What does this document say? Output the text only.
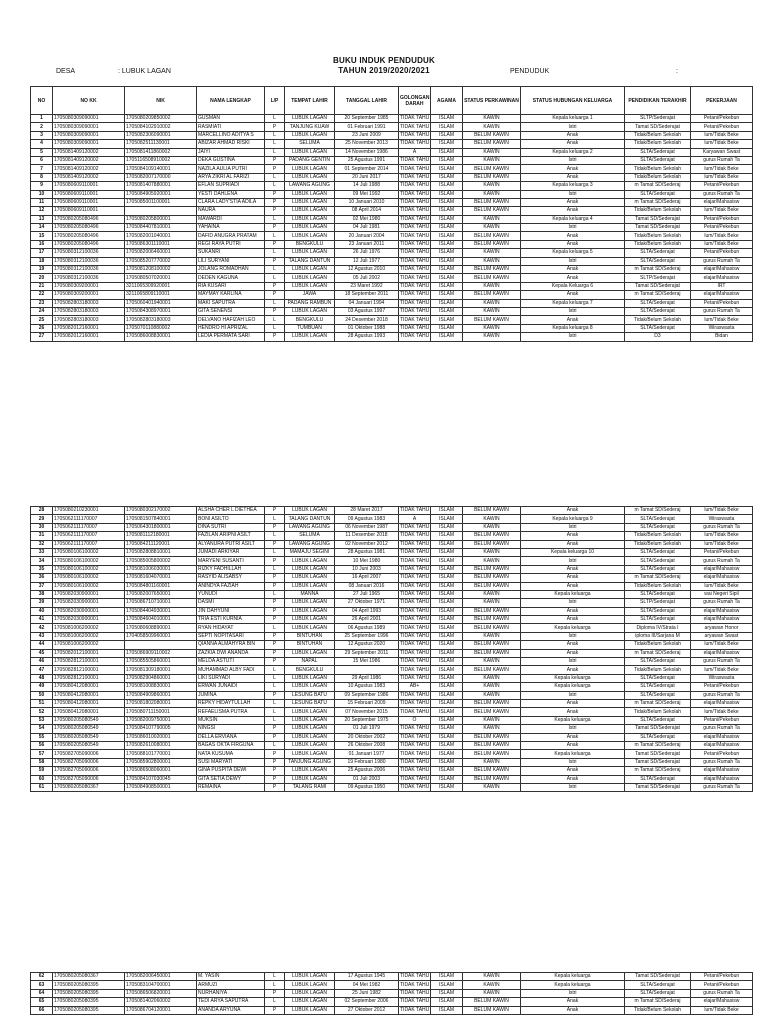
BUKU INDUK PENDUDUK
TAHUN 2019/2020/2021
DESA	: LUBUK LAGAN	PENDUDUK	:
NO	NO KK	NIK	NAMA LENGKAP	L/P	TEMPAT LAHIR	TANGGAL LAHIR	GOLONGAN DARAH	AGAMA	STATUS PERKAWINAN	STATUS HUBUNGAN KELUARGA	PENDIDIKAN TERAKHIR	PEKERJAAN
1	1705080309090001	1705080209850002	GUSMAN	L	LUBUK LAGAN	20 September 1985	TIDAK TAHU	ISLAM	KAWIN	Kepala keluarga 1	SLTP/Sederajat	Petani/Pekebun
2	1705080309090001	1705084102910002	RASMIATI	P	TANJUNG KUAW	01 Februari 1991	TIDAK TAHU	ISLAM	KAWIN	Istri	Tamat SD/Sederajat	Petani/Pekebun
3	1705080309090001	1705082306090001	MARCELLINO ADITYA S	L	LUBUK LAGAN	23 Juni 2009	TIDAK TAHU	ISLAM	BELUM KAWIN	Anak	Tidak/Belum Sekolah	lum/Tidak Beke
4	1705080309090001	1705082511130001	ABIZAR AHMAD RISKI	L	SELUMA	25 November 2013	TIDAK TAHU	ISLAM	BELUM KAWIN	Anak	Tidak/Belum Sekolah	lum/Tidak Beke
5	1705081409120002	1705081411860002	JAIYI	L	LUBUK LAGAN	14 November 1986	A	ISLAM	KAWIN	Kepala keluarga 2	SLTA/Sederajat	Karyawan Swast
6	1705081409120002	1705116508910002	DEKA GUSTINA	P	PADANG GENTIN	25 Agustus 1991	TIDAK TAHU	ISLAM	KAWIN	Istri	SLTA/Sederajat	gurus Rumah Ta
7	1705081409120002	1705084109140001	NAZILA AULIA PUTRI	P	LUBUK LAGAN	01 September 2014	TIDAK TAHU	ISLAM	BELUM KAWIN	Anak	Tidak/Belum Sekolah	lum/Tidak Beke
8	1705081409120002	1705082007170000	ARYA ZIKRI AL FARIZI	L	LUBUK LAGAN	20 Juni 2017	TIDAK TAHU	ISLAM	BELUM KAWIN	Anak	Tidak/Belum Sekolah	lum/Tidak Beke
9	1705080609110001	1705081407880001	EFLAN SUPRIADI	L	LAWANG AGUNG	14 Juli 1988	TIDAK TAHU	ISLAM	KAWIN	Kepala keluarga 3	m Tamat SD/Sederaj	Petani/Pekebun
10	1705080609110001	1705084905920001	YESTI DAHLENA	P	LUBUK LAGAN	09 Mei 1992	TIDAK TAHU	ISLAM	KAWIN	Istri	SLTA/Sederajat	gurus Rumah Ta
11	1705080609110001	1705085001100001	CLARA LADY'STIA ADILA	P	LUBUK LAGAN	10 Januari 2010	TIDAK TAHU	ISLAM	BELUM KAWIN	Anak	m Tamat SD/Sederaj	elajar/Mahasisw
12	1705080609110001		NAURA	P	LUBUK LAGAN	08 April 2014	TIDAK TAHU	ISLAM	BELUM KAWIN	Anak	Tidak/Belum Sekolah	lum/Tidak Beke
13	1705080205080496	1705080205800001	MAWARDI	L	LUBUK LAGAN	02 Mei 1980	TIDAK TAHU	ISLAM	KAWIN	Kepala keluarga 4	Tamat SD/Sederajat	Petani/Pekebun
14	1705080205080496	1705084407810001	YAHAINA	P	LUBUK LAGAN	04 Juli 1981	TIDAK TAHU	ISLAM	KAWIN	Istri	Tamat SD/Sederajat	Petani/Pekebun
15	1705080205080496	1705082001040001	DAFID ANUGRA PRATAM	L	LUBUK LAGAN	20 Januari 2004	TIDAK TAHU	ISLAM	BELUM KAWIN	Anak	Tidak/Belum Sekolah	lum/Tidak Beke
16	1705080205080496	1705086301110001	REGI RAYA PUTRI	P	BENGKULU	23 Januari 2011	TIDAK TAHU	ISLAM	BELUM KAWIN	Anak	Tidak/Belum Sekolah	lum/Tidak Beke
17	1705080312100036	1705082006460001	SUKANRI	L	LUBUK LAGAN	26 Juli 1976	TIDAK TAHU	ISLAM	KAWIN	Kepala keluarga 5	SLTA/Sederajat	Petani/Pekebun
18	1705080312100036	1705085207770002	LILI SURYANI	P	TALANG DANTUN	12 Juli 1977	TIDAK TAHU	ISLAM	KAWIN	Istri	SLTA/Sederajat	gurus Rumah Ta
19	1705080312100036	1705081208100002	JOLANG ROMADHAN	L	LUBUK LAGAN	12 Agustus 2010	TIDAK TAHU	ISLAM	BELUM KAWIN	Anak	m Tamat SD/Sederaj	elajar/Mahasisw
20	1705080312100036	1705080507020001	DEDEN KAGUNA	L	LUBUK LAGAN	05 Juli 2002	TIDAK TAHU	ISLAM	BELUM KAWIN	Anak	SLTP/Sederajat	elajar/Mahasisw
21	1705080309200001	3211065309920001	RIA KUSARI	P	LUBUK LAGAN	23 Maret 1992	TIDAK TAHU	ISLAM	KAWIN	Kepala Keluarga 6	Tamat SD/Sederajat	IRT
22	1705080309200001	3211065809110001	MAYMAY KARLINA	P	JAWA	18 September 2011	TIDAK TAHU	ISLAM	BELUM KAWIN	Anak	m Tamat SD/Sederaj	elajar/Mahasisw
23	1705082803180003	1705060401940001	MAKI SAPUTRA	L	PADANG RAMBUN	04 Januari 1994	TIDAK TAHU	ISLAM	KAWIN	Kepala keluarga 7	SLTA/Sederajat	Petani/Pekebun
24	1705082803180003	1705084308970001	GITA SENENSI	P	LUBUK LAGAN	03 Agustus 1997	TIDAK TAHU	ISLAM	KAWIN	Istri	SLTA/Sederajat	gurus Rumah Ta
25	1705082803180003	1705082803180003	DELVANO HAFIZAH LEO	L	BENGKULU	24 Desember 2018	TIDAK TAHU	ISLAM	BELUM KAWIN	Anak	Tidak/Belum Sekolah	lum/Tidak Beke
26	1705082012160001	1705070110880002	HENDRO HI APRIZAL	L	TUMBUAN	01 Oktober 1988	TIDAK TAHU	ISLAM	KAWIN	Kepala keluarga 8	SLTA/Sederajat	Wiraswasta
27	1705082012160001	1705086008830001	LEDIA PERMATA SARI	P	LUBUK LAGAN	28 Agustus 1993	TIDAK TAHU	ISLAM	KAWIN	Istri	D3	Bidan
28	1705080210230001	1705080302170002	ALSHA CHER L DIETHEA	P	LUBUK LAGAN	28 Maret 2017	TIDAK TAHU	ISLAM	BELUM KAWIN	Anak	m Tamat SD/Sederaj	lum/Tidak Beke
29	1705062111170007	1705081507840001	BONI ASILTO	L	TALANG DANTUN	09 Agustus 1983	A	ISLAM	KAWIN	Kepala keluarga 9	SLTA/Sederajat	Wiraswasta
30	1705062111170007	1705064301800001	DINA SUTRI	P	LAWANG AGUNG	06 November 1987	TIDAK TAHU	ISLAM	KAWIN	Istri	SLTA/Sederajat	gurus Rumah Ta
31	1705062111170007	1705081112180001	FAZILAN ARIPNI ASILT	L	SELUMA	11 Desember 2018	TIDAK TAHU	ISLAM	BELUM KAWIN	Anak	Tidak/Belum Sekolah	lum/Tidak Beke
32	1705062111170007	1705084211120001	ALYANURA PUTRI ASILT	P	LAWANG AGUNG	02 November 2012	TIDAK TAHU	ISLAM	BELUM KAWIN	Anak	Tidak/Belum Sekolah	lum/Tidak Beke
33	1705080106100002	1705082808810001	JUMADI ARKIYAR	L	MAMAJU SEGINI	28 Agustus 1981	TIDAK TAHU	ISLAM	KAWIN	Kepala keluarga 10	SLTA/Sederajat	Petani/Pekebun
34	1705080106100002	1705085005800002	MARYENI SUSANTI	P	LUBUK LAGAN	10 Mei 1980	TIDAK TAHU	ISLAM	KAWIN	Istri	SLTA/Sederajat	gurus Rumah Ta
35	1705080106100002	1705081006030001	RIZKY FADHILLAH	L	LUBUK LAGAN	10 Juni 2003	TIDAK TAHU	ISLAM	BELUM KAWIN	Anak	SLTA/Sederajat	elajar/Mahasisw
36	1705080106100002	1705081604070001	RASYID ALISABSY	P	LUBUK LAGAN	16 April 2007	TIDAK TAHU	ISLAM	BELUM KAWIN	Anak	m Tamat SD/Sederaj	elajar/Mahasisw
37	1705080106100002	1705084801160001	ANINDYA FAZIAH	P	LUBUK LAGAN	08 Januari 2016	TIDAK TAHU	ISLAM	BELUM KAWIN	Anak	Tidak/Belum Sekolah	lum/Tidak Beke
38	1705082030900001	1705082007650001	YUNUDI	L	MANNA	27 Juli 1965	TIDAK TAHU	ISLAM	KAWIN	Kepala keluarga	SLTA/Sederajat	wai Negeri Sipil
39	1705082030900001	1705086710710001	DASMI	P	LUBUK LAGAN	27 Oktober 1971	TIDAK TAHU	ISLAM	KAWIN	Istri	SLTP/Sederajat	gurus Rumah Ta
40	1705082030900001	1705084404930001	JIN DAHYUNI	P	LUBUK LAGAN	04 April 1993	TIDAK TAHU	ISLAM	BELUM KAWIN	Anak	SLTA/Sederajat	elajar/Mahasisw
41	1705082030900001	1705084604010001	TRIA ESTI KURNIA	P	LUBUK LAGAN	26 April 2001	TIDAK TAHU	ISLAM	BELUM KAWIN	Anak	SLTA/Sederajat	elajar/Mahasisw
42	1705081006200002	1705080608890001	RYAN HIDAYAT	L	LUBUK LAGAN	06 Agustus 1989	TIDAK TAHU	ISLAM	BELUM KAWIN	Kepala keluarga	Diploma IV/Strata I	aryawan Honor
43	1705081006200002	1704058509960001	SEPTI NOPITASARI	P	BINTUHAN	25 September 1996	TIDAK TAHU	ISLAM	KAWIN	Istri	iploma III/Sarjana M	aryawan Swast
44	1705081006200002		QIANNA ALMAHYRA BIN	P	BINTUHAN	12 Agustus 2020	TIDAK TAHU	ISLAM	BELUM KAWIN	Anak	Tidak/Belum Sekolah	lum/Tidak Beke
45	1705082012100001	1705086909110002	ZAZKIA DWI ANANDA	P	LUBUK LAGAN	29 September 2011	TIDAK TAHU	ISLAM	BELUM KAWIN	Anak	m Tamat SD/Sederaj	elajar/Mahasisw
46	1705082812100001	1705085505860001	MELDA ASTUTI	P	NAPAL	15 Mei 1986	TIDAK TAHU	ISLAM	KAWIN	Istri	SLTA/Sederajat	gurus Rumah Ta
47	1705082812100001	1705081309180001	MUHAMMAD ALBY FADI	L	BENGKULU		TIDAK TAHU	ISLAM	BELUM KAWIN	Anak	Tidak/Belum Sekolah	lum/Tidak Beke
48	1705082812100001	1705082904860001	LIKI SURYADI	L	LUBUK LAGAN	29 April 1986	TIDAK TAHU	ISLAM	KAWIN	Kepala keluarga	SLTA/Sederajat	Wiraswasta
49	1705080412080001	1705081008830001	ERWAN JUNAIDI	L	LUBUK LAGAN	10 Agustus 1983	AB+	ISLAM	KAWIN	Kepala keluarga	SLTA/Sederajat	Petani/Pekebun
50	1705080412080001	1705084909860001	JUMINA	P	LESUNG BATU	09 September 1986	TIDAK TAHU	ISLAM	KAWIN	Istri	SLTA/Sederajat	gurus Rumah Ta
51	1705080412080001	1705081802080001	REPKY HIDAYTULLAH	L	LESUNG BATU	15 Februari 2009	TIDAK TAHU	ISLAM	BELUM KAWIN	Anak	m Tamat SD/Sederaj	elajar/Mahasisw
52	1705080412080001	1705080711150001	REFAELISMA PUTRA	L	LUBUK LAGAN	07 November 2015	TIDAK TAHU	ISLAM	BELUM KAWIN	Anak	Tidak/Belum Sekolah	lum/Tidak Beke
53	1705080205080549	1705082009750001	MUKSIN	L	LUBUK LAGAN	20 September 1975	O	ISLAM	KAWIN	Kepala keluarga	SLTA/Sederajat	Petani/Pekebun
54	1705080205080549	1705084107790005	NINGSI	P	LUBUK LAGAN	01 Juli 1979	TIDAK TAHU	ISLAM	KAWIN	Istri	Tamat SD/Sederajat	gurus Rumah Ta
55	1705080205080549	1705086010020001	DELLA ERVIANA	P	LUBUK LAGAN	20 Oktober 2002	TIDAK TAHU	ISLAM	BELUM KAWIN	Anak	SLTA/Sederajat	elajar/Mahasisw
56	1705080205080549	1705082610080001	BAGAS OKTA FIRGUNA	L	LUBUK LAGAN	26 Oktober 2008	TIDAK TAHU	ISLAM	BELUM KAWIN	Anak	m Tamat SD/Sederaj	elajar/Mahasisw
57	1705082705090006	1705088101770001	NATA KUSUMA	P	LUBUK LAGAN	01 Januari 1977	TIDAK TAHU	ISLAM	BELUM KAWIN	Kepala keluarga	Tamat SD/Sederajat	Petani/Pekebun
58	1705082705090006	1705085902800001	SUSI MARYATI	P	TANJUNG AGUNG	19 Februari 1980	TIDAK TAHU	ISLAM	KAWIN	Istri	Tamat SD/Sederajat	gurus Rumah Ta
59	1705082705090006	1705086508060001	GINA PUSPITA DEWI	P	LUBUK LAGAN	25 Agustus 2006	TIDAK TAHU	ISLAM	BELUM KAWIN	Anak	m Tamat SD/Sederaj	elajar/Mahasisw
60	1705082705090006	1705084107030045	GITA SETIA DEWY	P	LUBUK LAGAN	01 Juli 2003	TIDAK TAHU	ISLAM	BELUM KAWIN	Anak	SLTA/Sederajat	elajar/Mahasisw
61	1705080205080367	1705084908500001	REMAINA	P	TALANG RAMI	09 Agustus 1950	TIDAK TAHU	ISLAM	KAWIN	Istri	Tamat SD/Sederajat	gurus Rumah Ta
62	1705080205080367	1705082006450001	M. YASIN	L	LUBUK LAGAN	17 Agustus 1945	TIDAK TAHU	ISLAM	KAWIN	Kepala keluarga	Tamat SD/Sederajat	Petani/Pekebun
63	1705080205080395	1705083104700001	ARMUZI	L	LUBUK LAGAN	04 Mei 1982	TIDAK TAHU	ISLAM	KAWIN	Kepala keluarga	SLTA/Sederajat	Petani/Pekebun
64	1705080205080395	1705086506820001	NURHANIYA	P	LUBUK LAGAN	25 Juni 1982	TIDAK TAHU	ISLAM	KAWIN	Istri	SLTA/Sederajat	gurus Rumah Ta
65	1705080205080395	1705081402060002	TEDI ARYA SAPUTRA	L	LUBUK LAGAN	02 September 2006	TIDAK TAHU	ISLAM	BELUM KAWIN	Anak	m Tamat SD/Sederaj	elajar/Mahasisw
66	1705080205080395	1705086704120001	ANANDA ARYUNA	P	LUBUK LAGAN	27 Oktober 2012	TIDAK TAHU	ISLAM	BELUM KAWIN	Anak	Tidak/Belum Sekolah	lum/Tidak Beke
